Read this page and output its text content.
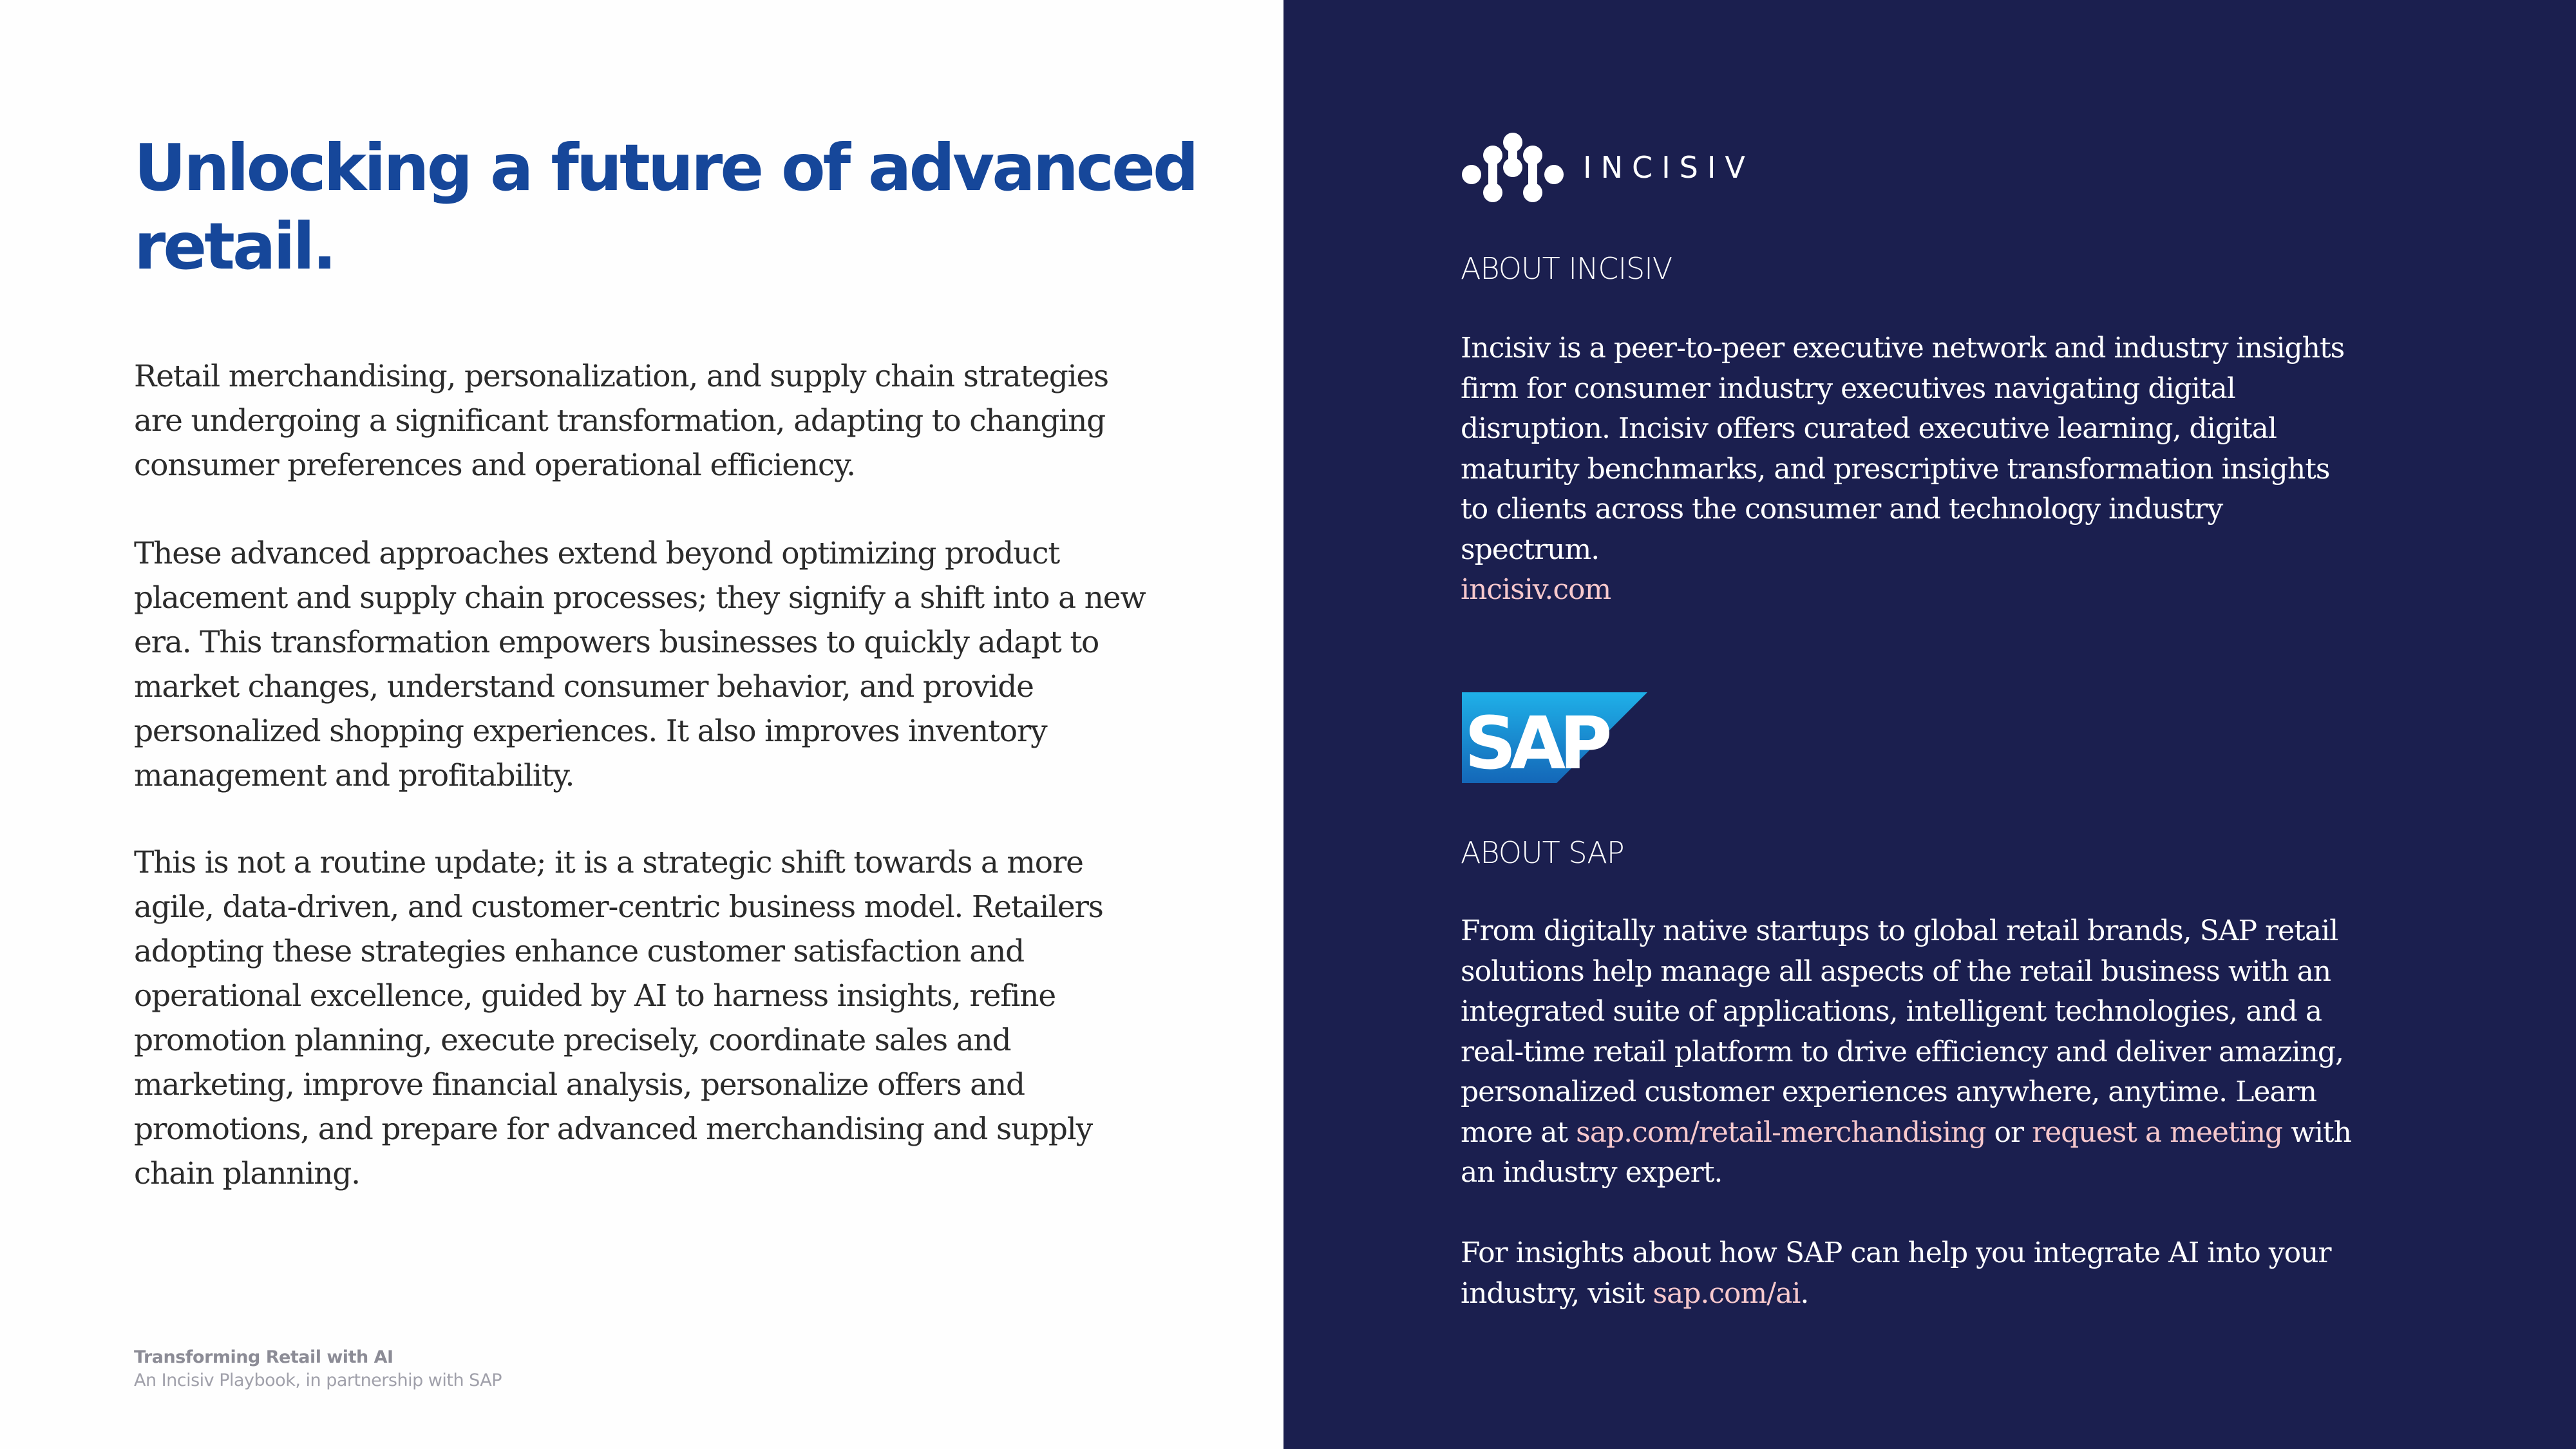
Unlocking a future of advanced retail.

Retail merchandising, personalization, and supply chain strategies are undergoing a significant transformation, adapting to changing consumer preferences and operational efficiency.

These advanced approaches extend beyond optimizing product placement and supply chain processes; they signify a shift into a new era. This transformation empowers businesses to quickly adapt to market changes, understand consumer behavior, and provide personalized shopping experiences. It also improves inventory management and profitability.

This is not a routine update; it is a strategic shift towards a more agile, data-driven, and customer-centric business model. Retailers adopting these strategies enhance customer satisfaction and operational excellence, guided by AI to harness insights, refine promotion planning, execute precisely, coordinate sales and marketing, improve financial analysis, personalize offers and promotions, and prepare for advanced merchandising and supply chain planning.

Transforming Retail with AI
An Incisiv Playbook, in partnership with SAP
INCISIV
ABOUT INCISIV

Incisiv is a peer-to-peer executive network and industry insights firm for consumer industry executives navigating digital disruption. Incisiv offers curated executive learning, digital maturity benchmarks, and prescriptive transformation insights to clients across the consumer and technology industry spectrum.

incisiv.com

SAP
ABOUT SAP

From digitally native startups to global retail brands, SAP retail solutions help manage all aspects of the retail business with an integrated suite of applications, intelligent technologies, and a real-time retail platform to drive efficiency and deliver amazing, personalized customer experiences anywhere, anytime. Learn more at sap.com/retail-merchandising or request a meeting with an industry expert.

For insights about how SAP can help you integrate AI into your industry, visit sap.com/ai.
